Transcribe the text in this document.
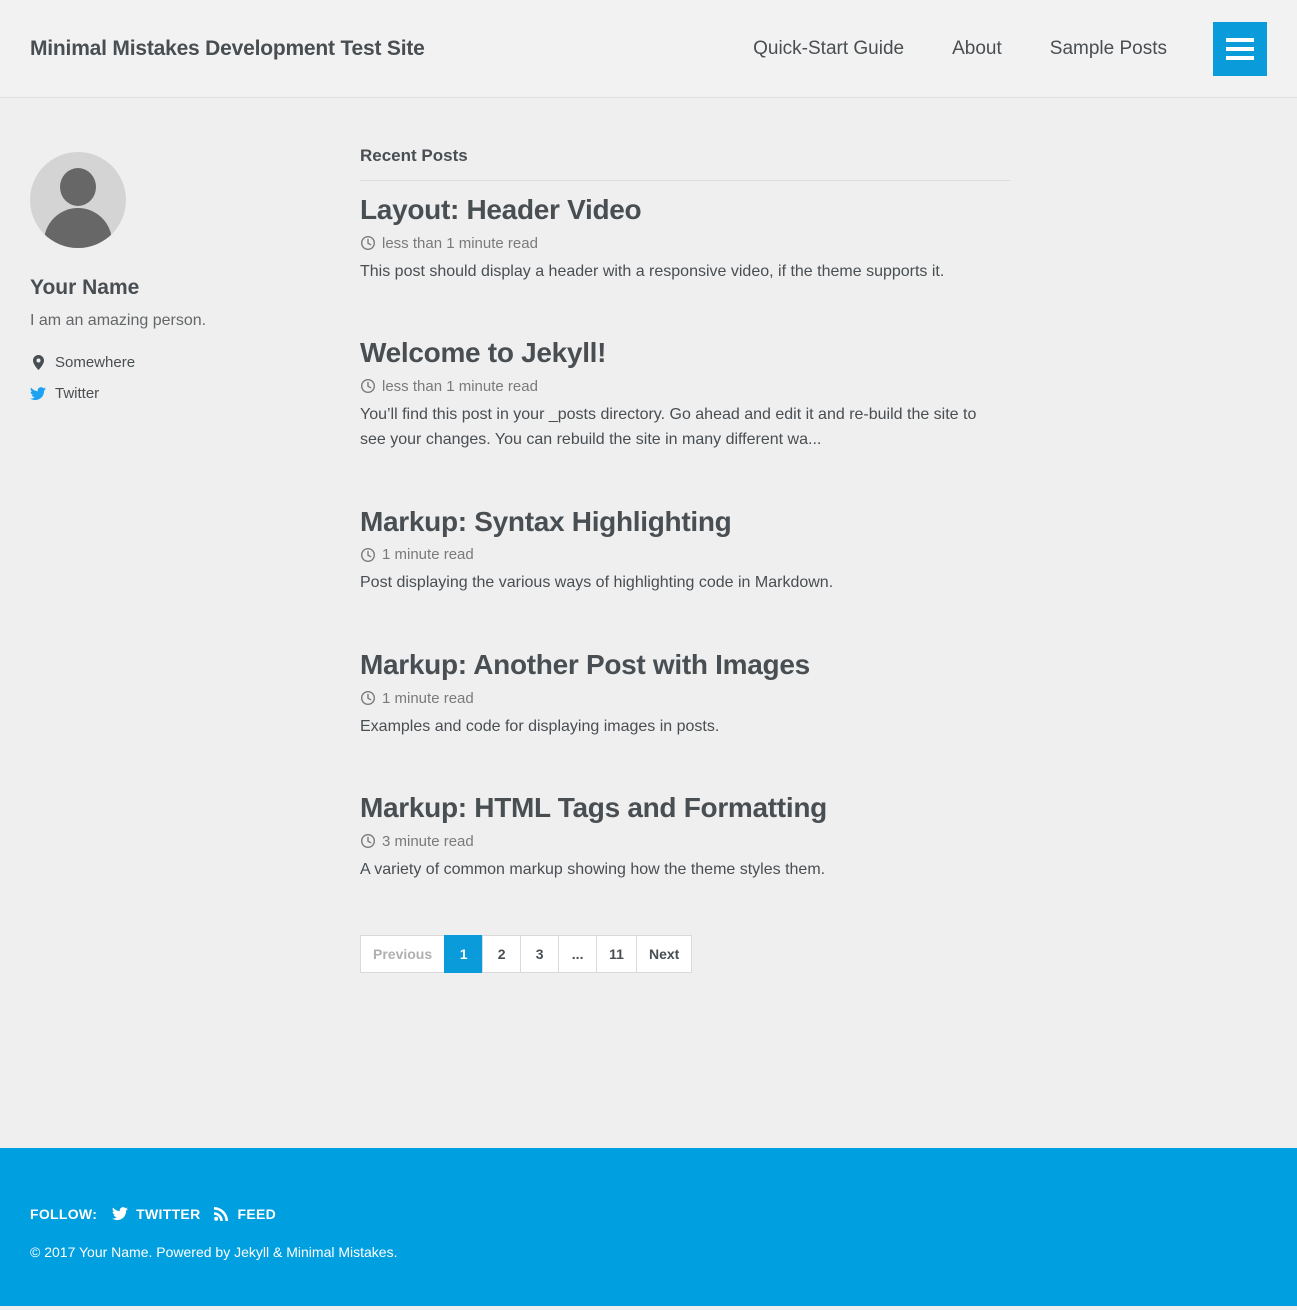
Minimal Mistakes Development Test Site	Quick-Start Guide	About	Sample Posts
Your Name

I am an amazing person.

Somewhere
Twitter
Recent Posts
Layout: Header Video

less than 1 minute read

This post should display a header with a responsive video, if the theme supports it.

Welcome to Jekyll!

less than 1 minute read

You’ll find this post in your _posts directory. Go ahead and edit it and re-build the site to see your changes. You can rebuild the site in many different wa...

Markup: Syntax Highlighting

1 minute read

Post displaying the various ways of highlighting code in Markdown.

Markup: Another Post with Images

1 minute read

Examples and code for displaying images in posts.

Markup: HTML Tags and Formatting

3 minute read

A variety of common markup showing how the theme styles them.

Previous	1	2	3	...	11	Next
FOLLOW:	TWITTER	FEED

© 2017 Your Name. Powered by Jekyll & Minimal Mistakes.
